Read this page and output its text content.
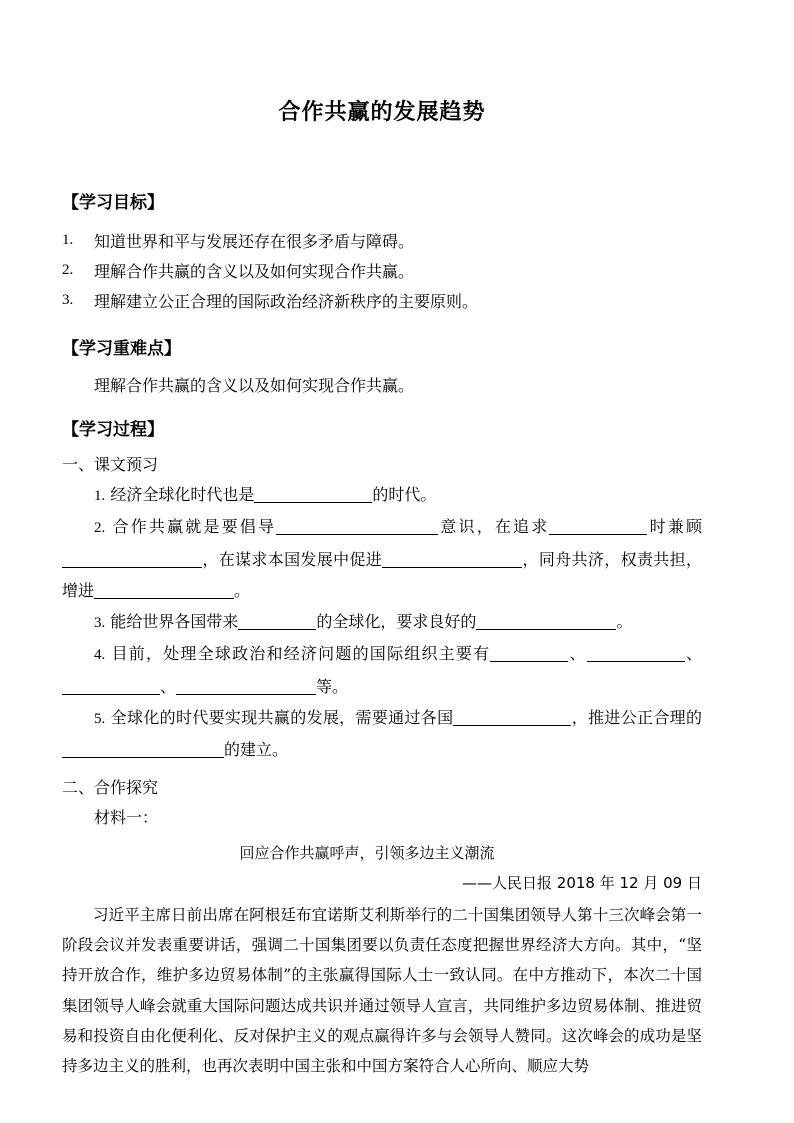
合作共赢的发展趋势
【学习目标】
1. 知道世界和平与发展还存在很多矛盾与障碍。
2. 理解合作共赢的含义以及如何实现合作共赢。
3. 理解建立公正合理的国际政治经济新秩序的主要原则。
【学习重难点】

理解合作共赢的含义以及如何实现合作共赢。

【学习过程】

一、课文预习

1. 经济全球化时代也是	的时代。
2. 合作共赢就是要倡导	意识，在追求	时兼顾，在谋求本国发展中促进	，同舟共济，权责共担，增进	。
3. 能给世界各国带来	的全球化，要求良好的	。
4. 目前，处理全球政治和经济问题的国际组织主要有	、	、、	等。
5. 全球化的时代要实现共赢的发展，需要通过各国	，推进公正合理的的建立。

二、合作探究

材料一：

回应合作共赢呼声，引领多边主义潮流

——人民日报 2018 年 12 月 09 日

习近平主席日前出席在阿根廷布宜诺斯艾利斯举行的二十国集团领导人第十三次峰会第一阶段会议并发表重要讲话，强调二十国集团要以负责任态度把握世界经济大方向。其中，“坚持开放合作，维护多边贸易体制”的主张赢得国际人士一致认同。在中方推动下，本次二十国集团领导人峰会就重大国际问题达成共识并通过领导人宣言，共同维护多边贸易体制、推进贸易和投资自由化便利化、反对保护主义的观点赢得许多与会领导人赞同。这次峰会的成功是坚持多边主义的胜利，也再次表明中国主张和中国方案符合人心所向、顺应大势
